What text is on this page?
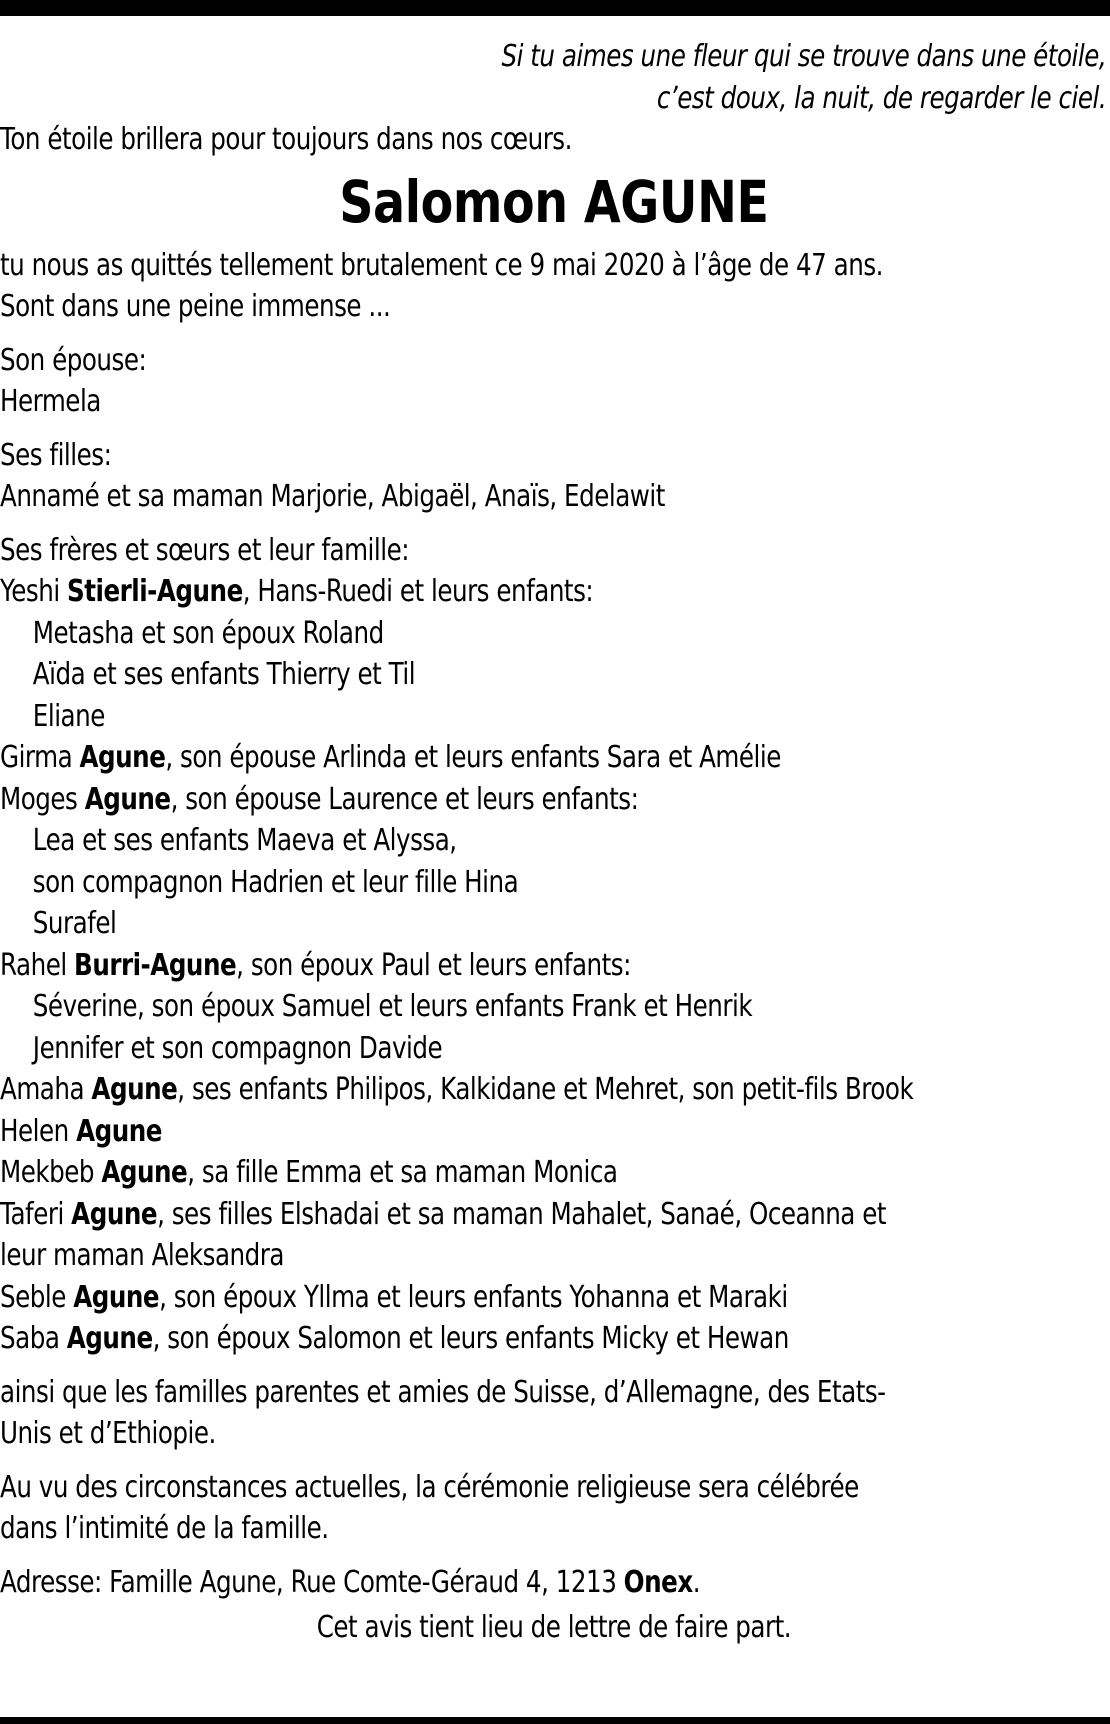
Si tu aimes une fleur qui se trouve dans une étoile,
c’est doux, la nuit, de regarder le ciel.
Ton étoile brillera pour toujours dans nos cœurs.
Salomon AGUNE
tu nous as quittés tellement brutalement ce 9 mai 2020 à l’âge de 47 ans.
Sont dans une peine immense ...
Son épouse:
Hermela
Ses filles:
Annamé et sa maman Marjorie, Abigaël, Anaïs, Edelawit
Ses frères et sœurs et leur famille:
Yeshi Stierli-Agune, Hans-Ruedi et leurs enfants:
Metasha et son époux Roland
Aïda et ses enfants Thierry et Til
Eliane
Girma Agune, son épouse Arlinda et leurs enfants Sara et Amélie
Moges Agune, son épouse Laurence et leurs enfants:
Lea et ses enfants Maeva et Alyssa,
son compagnon Hadrien et leur fille Hina
Surafel
Rahel Burri-Agune, son époux Paul et leurs enfants:
Séverine, son époux Samuel et leurs enfants Frank et Henrik
Jennifer et son compagnon Davide
Amaha Agune, ses enfants Philipos, Kalkidane et Mehret, son petit-fils Brook
Helen Agune
Mekbeb Agune, sa fille Emma et sa maman Monica
Taferi Agune, ses filles Elshadai et sa maman Mahalet, Sanaé, Oceanna et
leur maman Aleksandra
Seble Agune, son époux Yllma et leurs enfants Yohanna et Maraki
Saba Agune, son époux Salomon et leurs enfants Micky et Hewan
ainsi que les familles parentes et amies de Suisse, d’Allemagne, des Etats-
Unis et d’Ethiopie.
Au vu des circonstances actuelles, la cérémonie religieuse sera célébrée
dans l’intimité de la famille.
Adresse: Famille Agune, Rue Comte-Géraud 4, 1213 Onex.
Cet avis tient lieu de lettre de faire part.
